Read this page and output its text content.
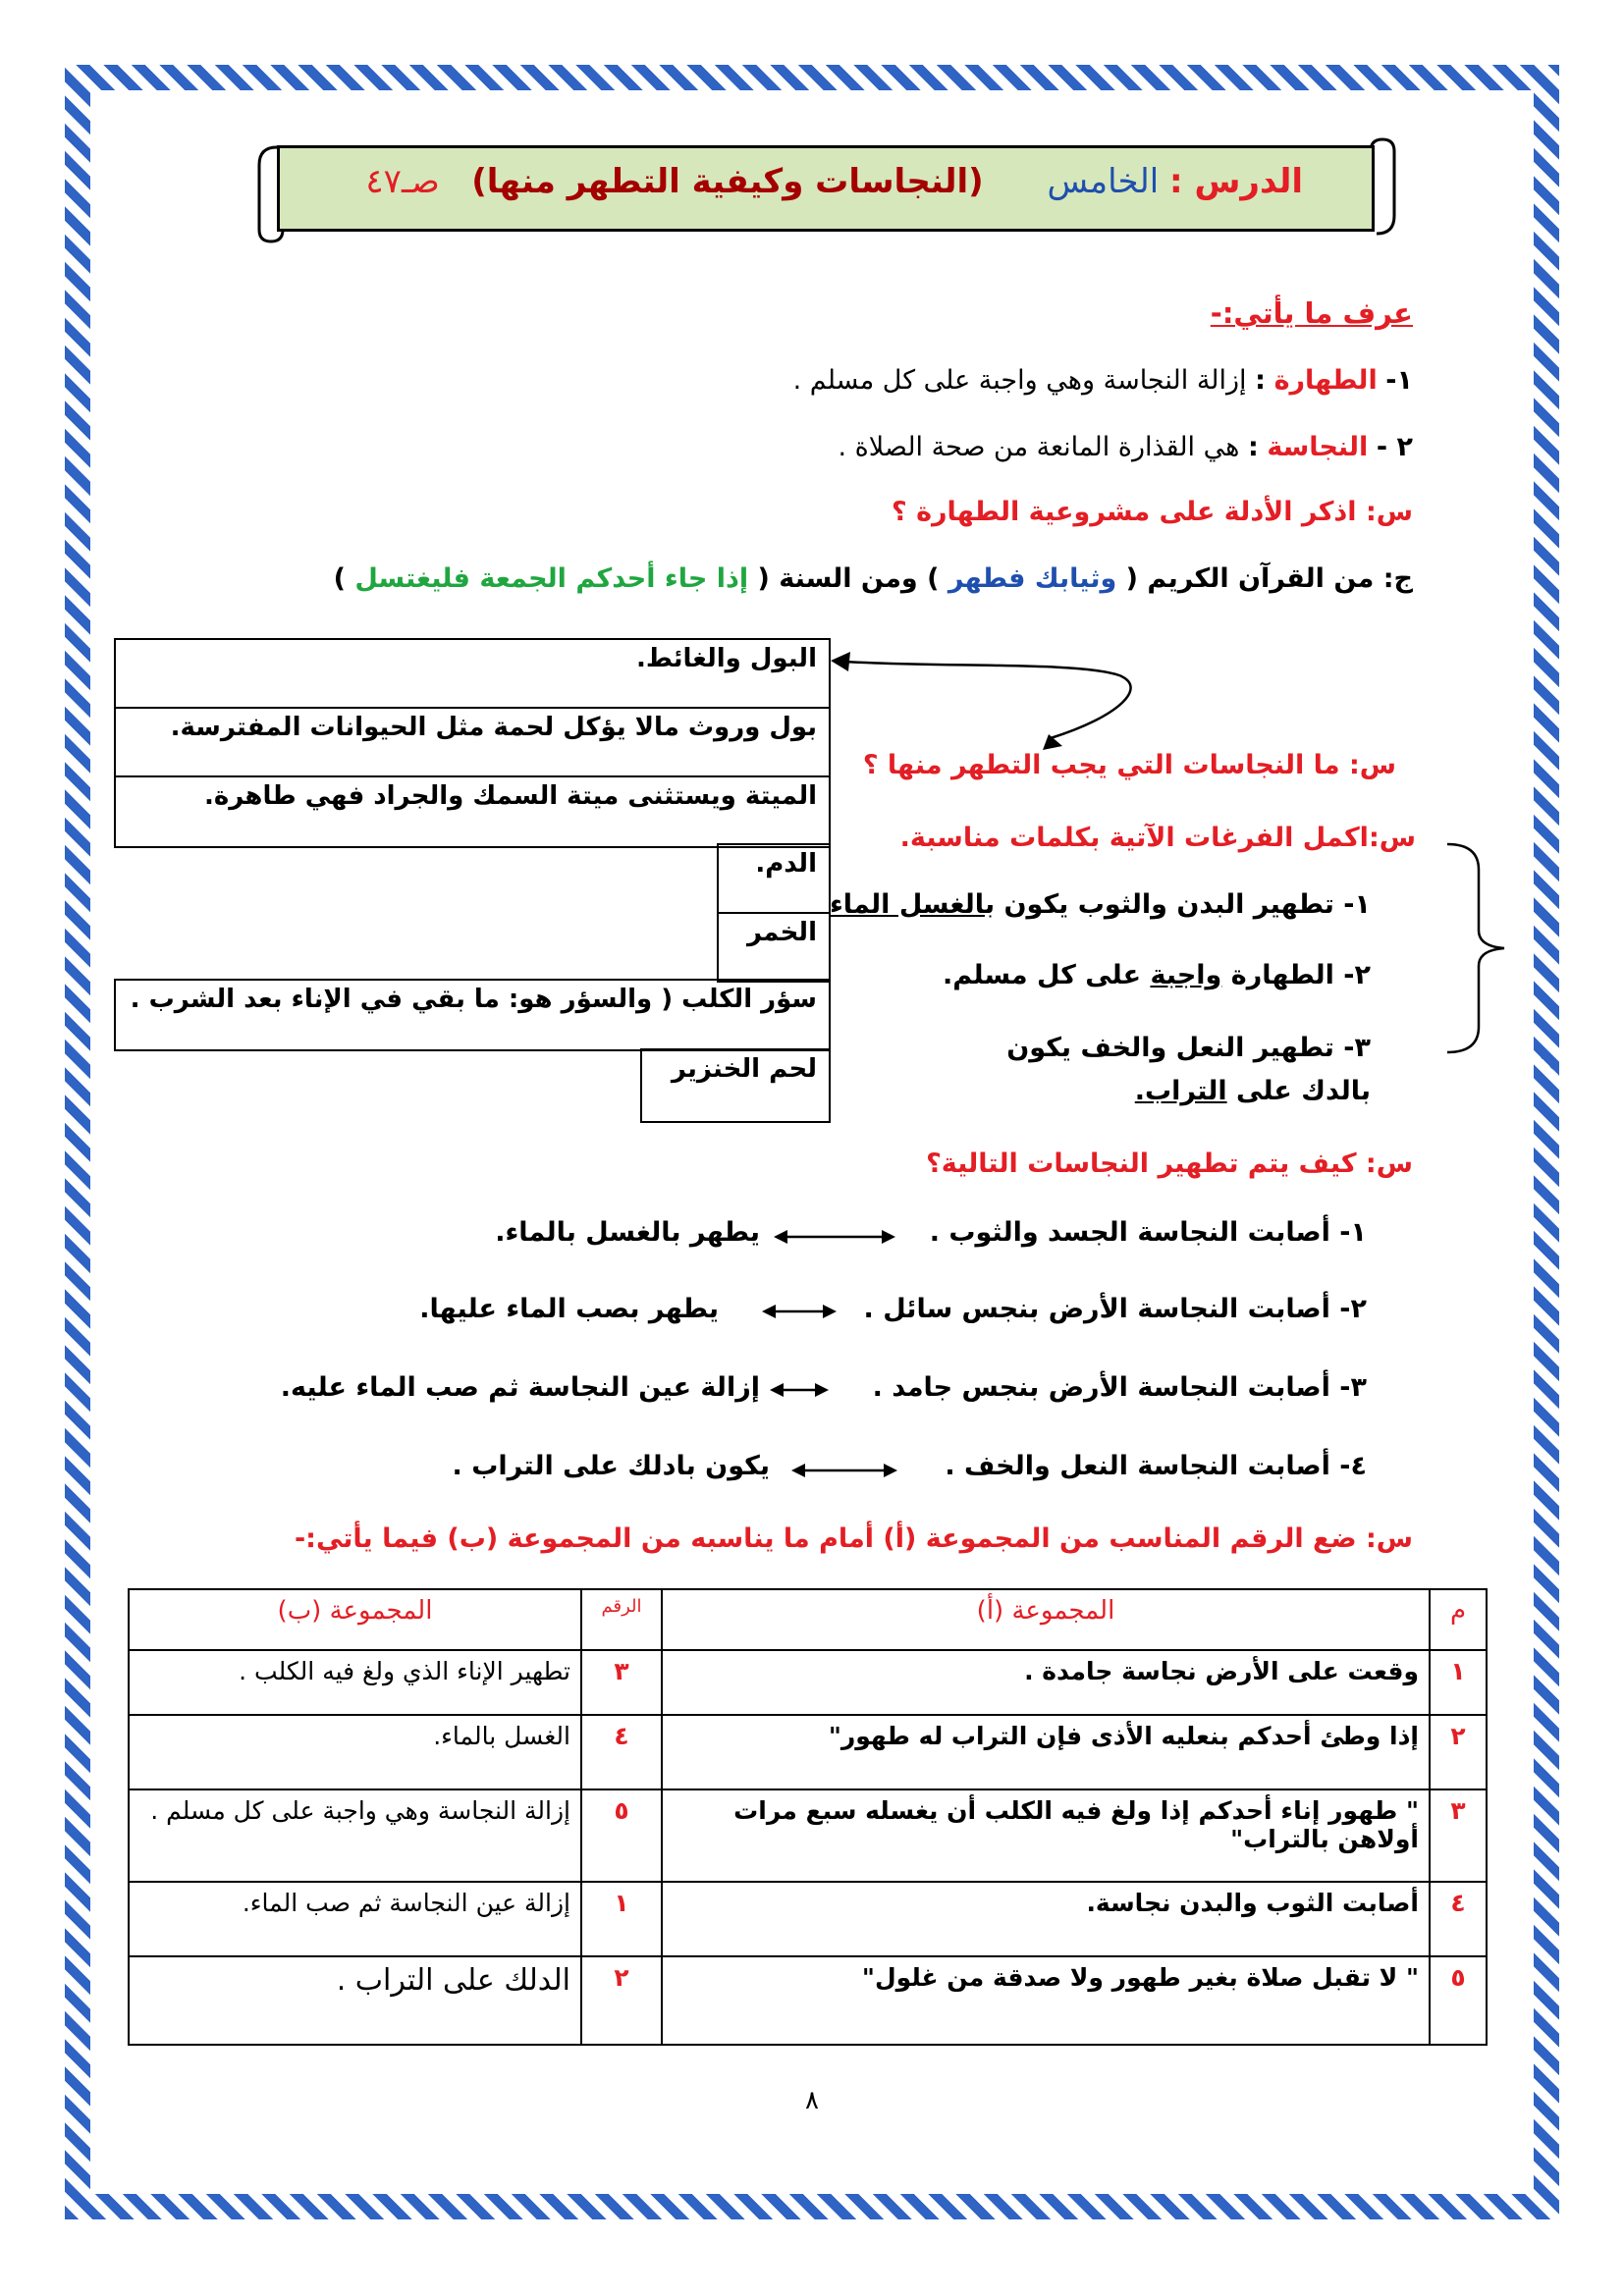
الدرس : الخامس      (النجاسات وكيفية التطهر منها)   صـ٤٧
عرف ما يأتي:-
١- الطهارة : إزالة النجاسة وهي واجبة على كل مسلم .
٢ - النجاسة : هي القذارة المانعة من صحة الصلاة .
س: اذكر الأدلة على مشروعية الطهارة ؟
ج: من القرآن الكريم ( وثيابك فطهر ) ومن السنة ( إذا جاء أحدكم الجمعة فليغتسل )
البول والغائط.
بول وروث مالا يؤكل لحمة مثل الحيوانات المفترسة.
الميتة ويستثنى ميتة السمك والجراد فهي طاهرة.
الدم.
الخمر
سؤر الكلب ( والسؤر هو: ما بقي في الإناء بعد الشرب .
لحم الخنزير
س: ما النجاسات التي يجب التطهر منها ؟
س:اكمل الفرغات الآتية بكلمات مناسبة.
١- تطهير البدن والثوب يكون بالغسل الماء
٢- الطهارة واجبة على كل مسلم.
٣- تطهير النعل والخف يكون بالدك على التراب.
س: كيف يتم تطهير النجاسات التالية؟
١- أصابت النجاسة الجسد والثوب .
يطهر بالغسل بالماء.
٢- أصابت النجاسة الأرض بنجس سائل .
يطهر بصب الماء عليها.
٣- أصابت النجاسة الأرض بنجس جامد .
إزالة عين النجاسة ثم صب الماء عليه.
٤- أصابت النجاسة النعل والخف .
يكون بادلك على التراب .
س: ضع الرقم المناسب من المجموعة (أ) أمام ما يناسبه من المجموعة (ب) فيما يأتي:-
م	المجموعة (أ)	الرقم	المجموعة (ب)
١	وقعت على الأرض نجاسة جامدة .	٣	تطهير الإناء الذي ولغ فيه الكلب .
٢	إذا وطئ أحدكم بنعليه الأذى فإن التراب له طهور"	٤	الغسل بالماء.
٣	" طهور إناء أحدكم إذا ولغ فيه الكلب أن يغسله سبع مرات أولاهن بالتراب"	٥	إزالة النجاسة وهي واجبة على كل مسلم .
٤	أصابت الثوب والبدن نجاسة.	١	إزالة عين النجاسة ثم صب الماء.
٥	" لا تقبل صلاة بغير طهور ولا صدقة من غلول"	٢	الدلك على التراب .
٨
